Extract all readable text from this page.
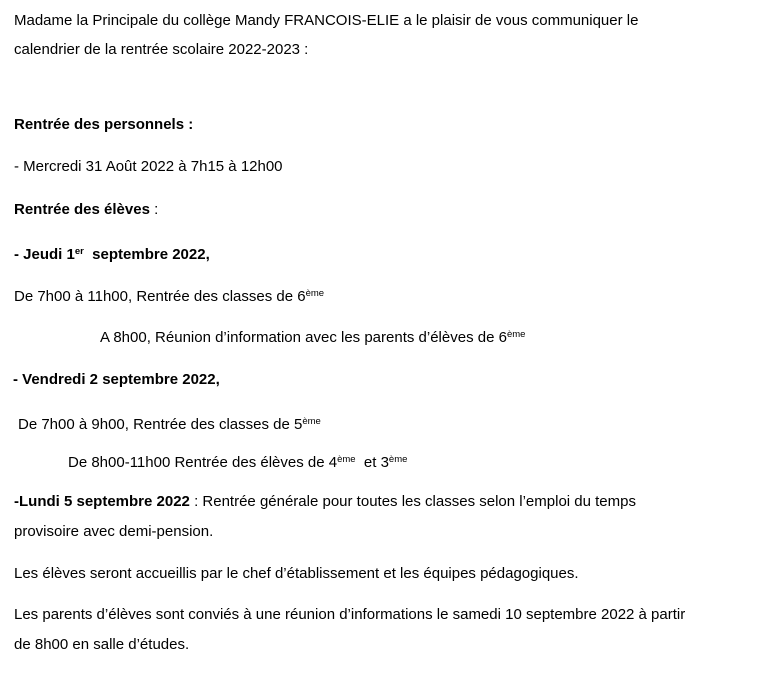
Madame la Principale du collège Mandy FRANCOIS-ELIE a le plaisir de vous communiquer le
calendrier de la rentrée scolaire 2022-2023 :
Rentrée des personnels :
- Mercredi 31 Août 2022 à 7h15 à 12h00
Rentrée des élèves :
- Jeudi 1er  septembre 2022,
De 7h00 à 11h00, Rentrée des classes de 6ème
A 8h00, Réunion d’information avec les parents d’élèves de 6ème
- Vendredi 2 septembre 2022,
De 7h00 à 9h00, Rentrée des classes de 5ème
De 8h00-11h00 Rentrée des élèves de 4ème  et 3ème
-Lundi 5 septembre 2022 : Rentrée générale pour toutes les classes selon l’emploi du temps
provisoire avec demi-pension.
Les élèves seront accueillis par le chef d’établissement et les équipes pédagogiques.
Les parents d’élèves sont conviés à une réunion d’informations le samedi 10 septembre 2022 à partir
de 8h00 en salle d’études.
